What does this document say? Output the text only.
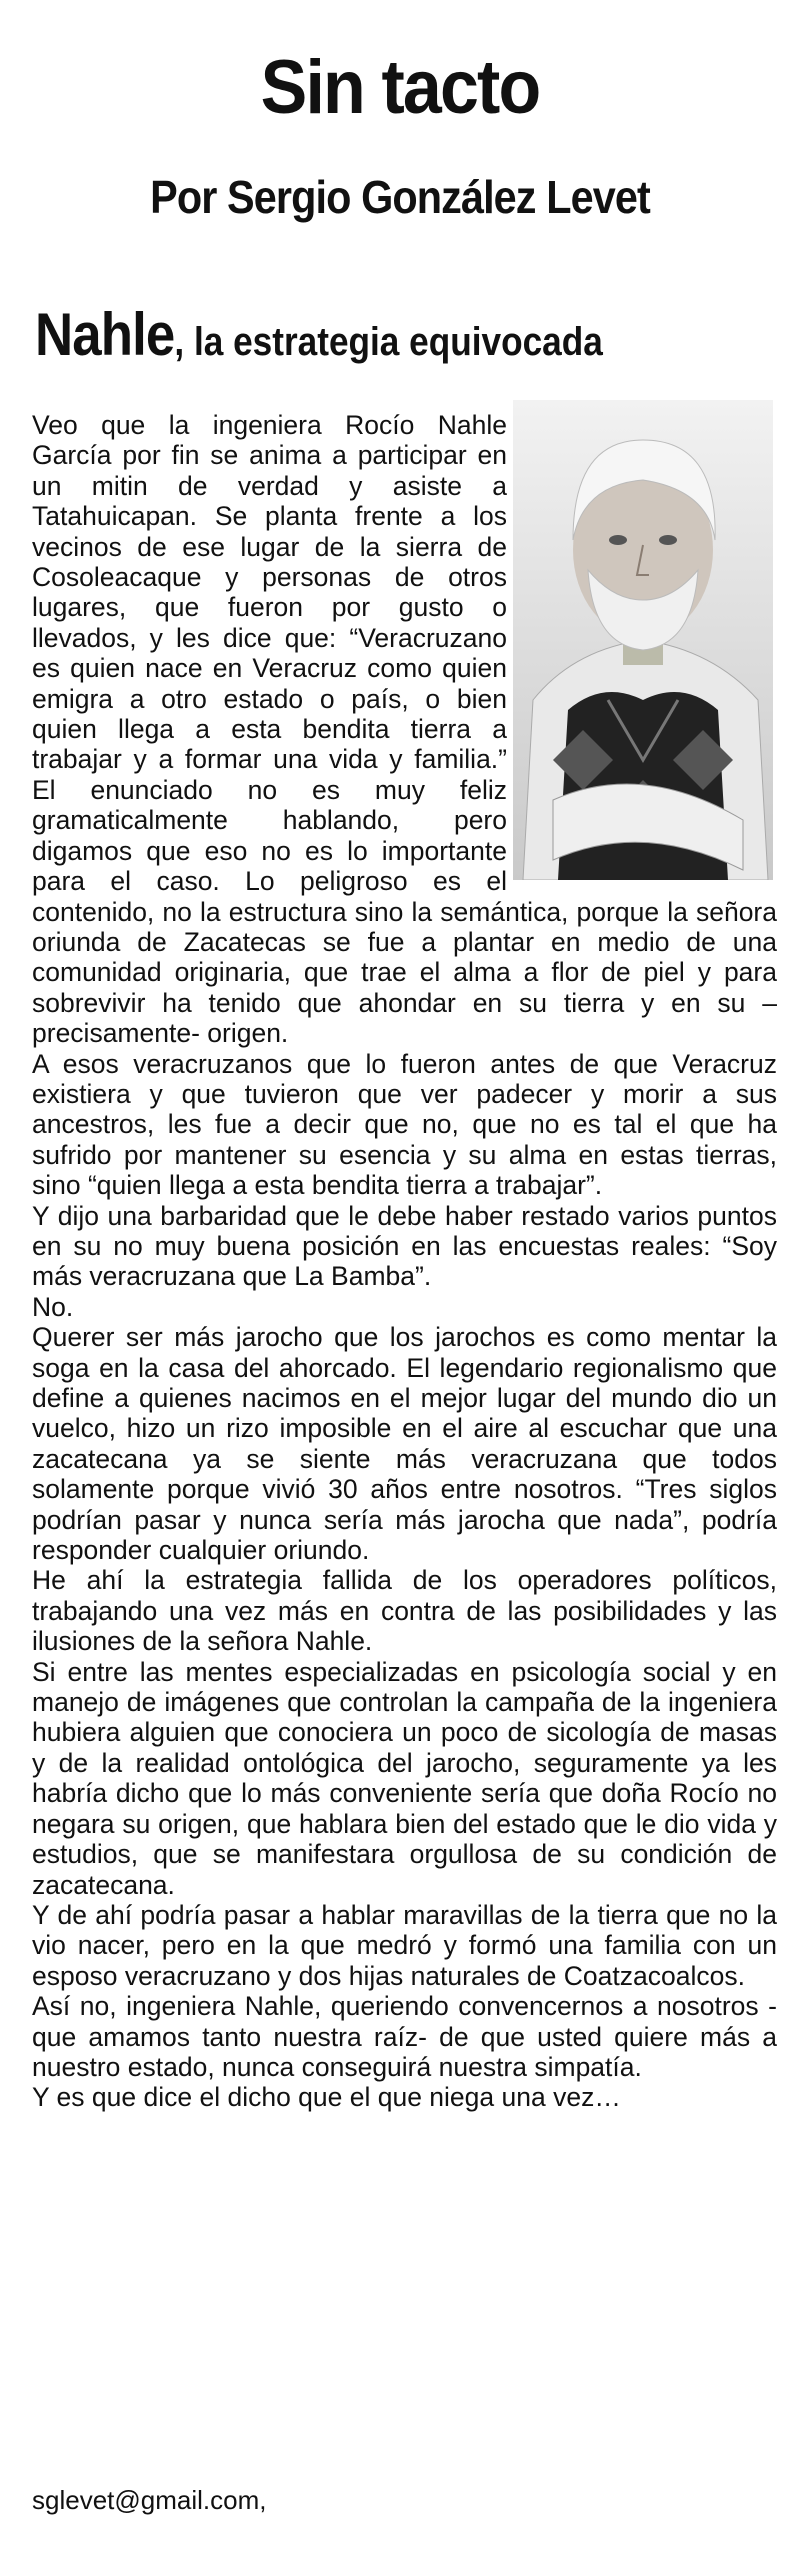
Sin tacto
Por Sergio González Levet
Nahle, la estrategia equivocada

Veo que la ingeniera Rocío Nahle García por fin se anima a participar en un mitin de verdad y asiste a Tatahuicapan. Se planta frente a los vecinos de ese lugar de la sierra de Cosoleacaque y personas de otros lugares, que fueron por gusto o llevados, y les dice que: “Veracruzano es quien nace en Veracruz como quien emigra a otro estado o país, o bien quien llega a esta bendita tierra a trabajar y a formar una vida y familia.” El enunciado no es muy feliz gramaticalmente hablando, pero digamos que eso no es lo importante para el caso. Lo peligroso es el contenido, no la estructura sino la semántica, porque la señora oriunda de Zacatecas se fue a plantar en medio de una comunidad originaria, que trae el alma a flor de piel y para sobrevivir ha tenido que ahondar en su tierra y en su –precisamente- origen.

A esos veracruzanos que lo fueron antes de que Veracruz existiera y que tuvieron que ver padecer y morir a sus ancestros, les fue a decir que no, que no es tal el que ha sufrido por mantener su esencia y su alma en estas tierras, sino “quien llega a esta bendita tierra a trabajar”.

Y dijo una barbaridad que le debe haber restado varios puntos en su no muy buena posición en las encuestas reales: “Soy más veracruzana que La Bamba”.

No.

Querer ser más jarocho que los jarochos es como mentar la soga en la casa del ahorcado. El legendario regionalismo que define a quienes nacimos en el mejor lugar del mundo dio un vuelco, hizo un rizo imposible en el aire al escuchar que una zacatecana ya se siente más veracruzana que todos solamente porque vivió 30 años entre nosotros. “Tres siglos podrían pasar y nunca sería más jarocha que nada”, podría responder cualquier oriundo.

He ahí la estrategia fallida de los operadores políticos, trabajando una vez más en contra de las posibilidades y las ilusiones de la señora Nahle.

Si entre las mentes especializadas en psicología social y en manejo de imágenes que controlan la campaña de la ingeniera hubiera alguien que conociera un poco de sicología de masas y de la realidad ontológica del jarocho, seguramente ya les habría dicho que lo más conveniente sería que doña Rocío no negara su origen, que hablara bien del estado que le dio vida y estudios, que se manifestara orgullosa de su condición de zacatecana.

Y de ahí podría pasar a hablar maravillas de la tierra que no la vio nacer, pero en la que medró y formó una familia con un esposo veracruzano y dos hijas naturales de Coatzacoalcos.

Así no, ingeniera Nahle, queriendo convencernos a nosotros -que amamos tanto nuestra raíz- de que usted quiere más a nuestro estado, nunca conseguirá nuestra simpatía.

Y es que dice el dicho que el que niega una vez…

sglevet@gmail.com,
